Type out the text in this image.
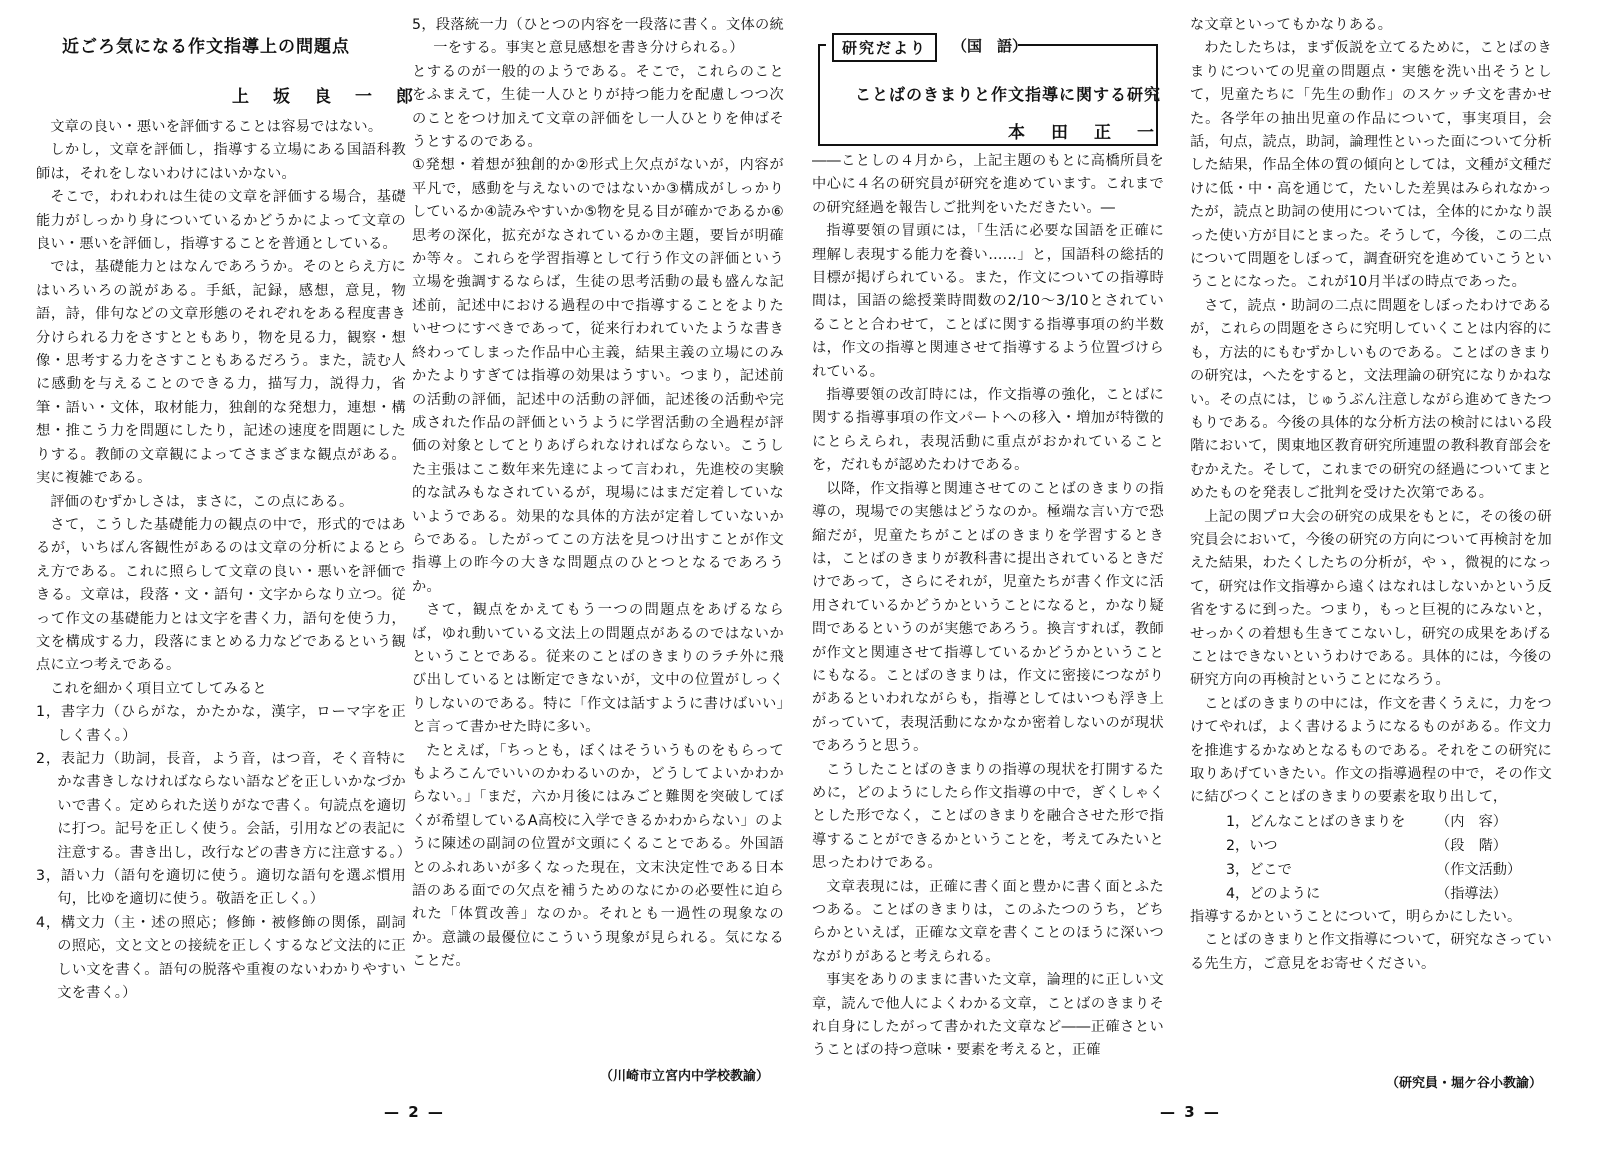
近ごろ気になる作文指導上の問題点
上坂良一郎

文章の良い・悪いを評価することは容易ではない。

しかし，文章を評価し，指導する立場にある国語科教師は，それをしないわけにはいかない。

そこで，われわれは生徒の文章を評価する場合，基礎能力がしっかり身についているかどうかによって文章の良い・悪いを評価し，指導することを普通としている。

では，基礎能力とはなんであろうか。そのとらえ方にはいろいろの説がある。手紙，記録，感想，意見，物語，詩，俳句などの文章形態のそれぞれをある程度書き分けられる力をさすとともあり，物を見る力，観察・想像・思考する力をさすこともあるだろう。また，読む人に感動を与えることのできる力，描写力，説得力，省筆・語い・文体，取材能力，独創的な発想力，連想・構想・推こう力を問題にしたり，記述の速度を問題にしたりする。教師の文章観によってさまざまな観点がある。実に複雑である。

評価のむずかしさは，まさに，この点にある。

さて，こうした基礎能力の観点の中で，形式的ではあるが，いちばん客観性があるのは文章の分析によるとらえ方である。これに照らして文章の良い・悪いを評価できる。文章は，段落・文・語句・文字からなり立つ。従って作文の基礎能力とは文字を書く力，語句を使う力，文を構成する力，段落にまとめる力などであるという観点に立つ考えである。

これを細かく項目立てしてみると

1，書字力（ひらがな，かたかな，漢字，ローマ字を正しく書く。）

2，表記力（助詞，長音，よう音，はつ音，そく音特にかな書きしなければならない語などを正しいかなづかいで書く。定められた送りがなで書く。句読点を適切に打つ。記号を正しく使う。会話，引用などの表記に注意する。書き出し，改行などの書き方に注意する。）

3，語い力（語句を適切に使う。適切な語句を選ぶ慣用句，比ゆを適切に使う。敬語を正しく。）

4，構文力（主・述の照応；修飾・被修飾の関係，副詞の照応，文と文との接続を正しくするなど文法的に正しい文を書く。語句の脱落や重複のないわかりやすい文を書く。）

5，段落統一力（ひとつの内容を一段落に書く。文体の統一をする。事実と意見感想を書き分けられる。）

とするのが一般的のようである。そこで，これらのことをふまえて，生徒一人ひとりが持つ能力を配慮しつつ次のことをつけ加えて文章の評価をし一人ひとりを伸ばそうとするのである。

①発想・着想が独創的か②形式上欠点がないが，内容が平凡で，感動を与えないのではないか③構成がしっかりしているか④読みやすいか⑤物を見る目が確かであるか⑥思考の深化，拡充がなされているか⑦主題，要旨が明確か等々。これらを学習指導として行う作文の評価という立場を強調するならば，生徒の思考活動の最も盛んな記述前，記述中における過程の中で指導することをよりたいせつにすべきであって，従来行われていたような書き終わってしまった作品中心主義，結果主義の立場にのみかたよりすぎては指導の効果はうすい。つまり，記述前の活動の評価，記述中の活動の評価，記述後の活動や完成された作品の評価というように学習活動の全過程が評価の対象としてとりあげられなければならない。こうした主張はここ数年来先達によって言われ，先進校の実験的な試みもなされているが，現場にはまだ定着していないようである。効果的な具体的方法が定着していないからである。したがってこの方法を見つけ出すことが作文指導上の昨今の大きな問題点のひとつとなるであろうか。

さて，観点をかえてもう一つの問題点をあげるならば，ゆれ動いている文法上の問題点があるのではないかということである。従来のことばのきまりのラチ外に飛び出しているとは断定できないが，文中の位置がしっくりしないのである。特に「作文は話すように書けばいい」と言って書かせた時に多い。

たとえば，「ちっとも，ぼくはそういうものをもらってもよろこんでいいのかわるいのか，どうしてよいかわからない。」「まだ，六か月後にはみごと難関を突破してぼくが希望しているA高校に入学できるかわからない」のように陳述の副詞の位置が文頭にくることである。外国語とのふれあいが多くなった現在，文末決定性である日本語のある面での欠点を補うためのなにかの必要性に迫られた「体質改善」なのか。それとも一過性の現象なのか。意識の最優位にこういう現象が見られる。気になることだ。

（川崎市立宮内中学校教諭）
— 2 —
研究だより	（国　語）
ことばのきまりと作文指導に関する研究
本田正一

――ことしの４月から，上記主題のもとに高橋所員を中心に４名の研究員が研究を進めています。これまでの研究経過を報告しご批判をいただきたい。―

指導要領の冒頭には，「生活に必要な国語を正確に理解し表現する能力を養い……」と，国語科の総括的目標が掲げられている。また，作文についての指導時間は，国語の総授業時間数の2/10〜3/10とされていることと合わせて，ことばに関する指導事項の約半数は，作文の指導と関連させて指導するよう位置づけられている。

指導要領の改訂時には，作文指導の強化，ことばに関する指導事項の作文パートへの移入・増加が特徴的にとらえられ，表現活動に重点がおかれていることを，だれもが認めたわけである。

以降，作文指導と関連させてのことばのきまりの指導の，現場での実態はどうなのか。極端な言い方で恐縮だが，児童たちがことばのきまりを学習するときは，ことばのきまりが教科書に提出されているときだけであって，さらにそれが，児童たちが書く作文に活用されているかどうかということになると，かなり疑問であるというのが実態であろう。換言すれば，教師が作文と関連させて指導しているかどうかということにもなる。ことばのきまりは，作文に密接につながりがあるといわれながらも，指導としてはいつも浮き上がっていて，表現活動になかなか密着しないのが現状であろうと思う。

こうしたことばのきまりの指導の現状を打開するために，どのようにしたら作文指導の中で，ぎくしゃくとした形でなく，ことばのきまりを融合させた形で指導することができるかということを，考えてみたいと思ったわけである。

文章表現には，正確に書く面と豊かに書く面とふたつある。ことばのきまりは，このふたつのうち，どちらかといえば，正確な文章を書くことのほうに深いつながりがあると考えられる。

事実をありのままに書いた文章，論理的に正しい文章，読んで他人によくわかる文章，ことばのきまりそれ自身にしたがって書かれた文章など――正確さということばの持つ意味・要素を考えると，正確

な文章といってもかなりある。

わたしたちは，まず仮説を立てるために，ことばのきまりについての児童の問題点・実態を洗い出そうとして，児童たちに「先生の動作」のスケッチ文を書かせた。各学年の抽出児童の作品について，事実項目，会話，句点，読点，助詞，論理性といった面について分析した結果，作品全体の質の傾向としては，文種が文種だけに低・中・高を通じて，たいした差異はみられなかったが，読点と助詞の使用については，全体的にかなり誤った使い方が目にとまった。そうして，今後，この二点について問題をしぼって，調査研究を進めていこうということになった。これが10月半ばの時点であった。

さて，読点・助詞の二点に問題をしぼったわけであるが，これらの問題をさらに究明していくことは内容的にも，方法的にもむずかしいものである。ことばのきまりの研究は，へたをすると，文法理論の研究になりかねない。その点には，じゅうぶん注意しながら進めてきたつもりである。今後の具体的な分析方法の検討にはいる段階において，関東地区教育研究所連盟の教科教育部会をむかえた。そして，これまでの研究の経過についてまとめたものを発表しご批判を受けた次第である。

上記の関プロ大会の研究の成果をもとに，その後の研究員会において，今後の研究の方向について再検討を加えた結果，わたくしたちの分析が，やゝ，微視的になって，研究は作文指導から遠くはなれはしないかという反省をするに到った。つまり，もっと巨視的にみないと，せっかくの着想も生きてこないし，研究の成果をあげることはできないというわけである。具体的には，今後の研究方向の再検討ということになろう。

ことばのきまりの中には，作文を書くうえに，力をつけてやれば，よく書けるようになるものがある。作文力を推進するかなめとなるものである。それをこの研究に取りあげていきたい。作文の指導過程の中で，その作文に結びつくことばのきまりの要素を取り出して，

1，どんなことばのきまりを	（内　容）
2，いつ	（段　階）
3，どこで	（作文活動）
4，どのように	（指導法）

指導するかということについて，明らかにしたい。

ことばのきまりと作文指導について，研究なさっている先生方，ご意見をお寄せください。

（研究員・堀ケ谷小教諭）
— 3 —
